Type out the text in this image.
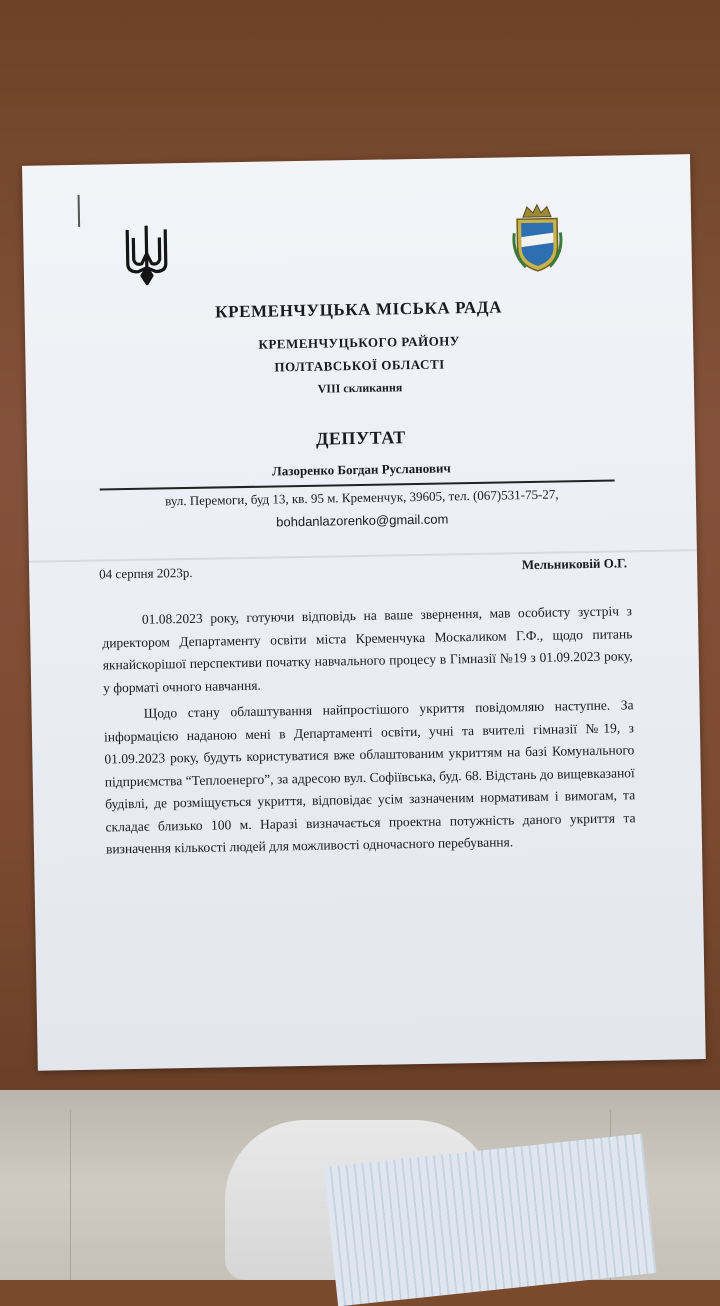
КРЕМЕНЧУЦЬКА МІСЬКА РАДА
КРЕМЕНЧУЦЬКОГО РАЙОНУ
ПОЛТАВСЬКОЇ ОБЛАСТІ
VIII скликання
ДЕПУТАТ
Лазоренко Богдан Русланович
вул. Перемоги, буд 13, кв. 95 м. Кременчук, 39605, тел. (067)531-75-27,
bohdanlazorenko@gmail.com
04 серпня 2023р.
Мельниковій О.Г.

01.08.2023 року, готуючи відповідь на ваше звернення, мав особисту зустріч з директором Департаменту освіти міста Кременчука Москаликом Г.Ф., щодо питань якнайскорішої перспективи початку навчального процесу в Гімназії №19 з 01.09.2023 року, у форматі очного навчання.

Щодо стану облаштування найпростішого укриття повідомляю наступне. За інформацією наданою мені в Департаменті освіти, учні та вчителі гімназії №19, з 01.09.2023 року, будуть користуватися вже облаштованим укриттям на базі Комунального підприємства “Теплоенерго”, за адресою вул. Софіївська, буд. 68. Відстань до вищевказаної будівлі, де розміщується укриття, відповідає усім зазначеним нормативам і вимогам, та складає близько 100 м. Наразі визначається проектна потужність даного укриття та визначення кількості людей для можливості одночасного перебування.
